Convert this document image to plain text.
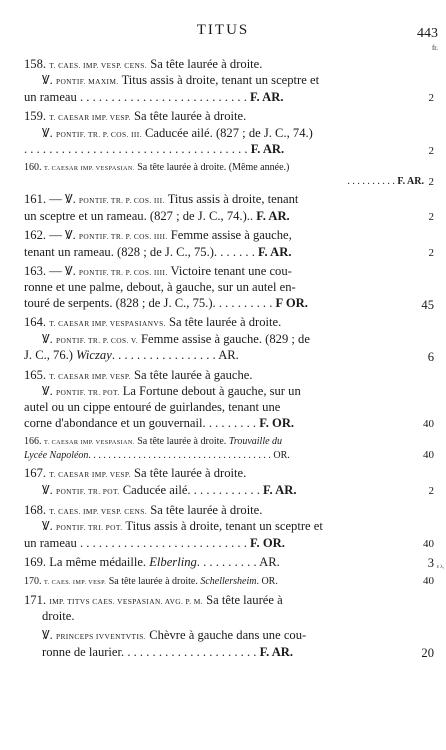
TITUS	443
fr.
ʋ λ,

158. T. CAES. IMP. VESP. CENS. Sa tête laurée à droite.

Ꝟ. PONTIF. MAXIM. Titus assis à droite, tenant un sceptre et

un rameau . . . . . . . . . . . . . . . . . . . . . . . . . . . F. AR.	2

159. T. CAESAR IMP. VESP. Sa tête laurée à droite.

Ꝟ. PONTIF. TR. P. COS. III. Caducée ailé. (827 ; de J. C., 74.)

. . . . . . . . . . . . . . . . . . . . . . . . . . . . . . . . . . . . F. AR.	2

160. T. CAESAR IMP. VESPASIAN. Sa tête laurée à droite. (Même année.)

. . . . . . . . . . F. AR. 2

161. — Ꝟ. PONTIF. TR. P. COS. III. Titus assis à droite, tenant

un sceptre et un rameau. (827 ; de J. C., 74.).. F. AR.	2

162. — Ꝟ. PONTIF. TR. P. COS. IIII. Femme assise à gauche,

tenant un rameau. (828 ; de J. C., 75.). . . . . . . F. AR.	2

163. — Ꝟ. PONTIF. TR. P. COS. IIII. Victoire tenant une cou-

ronne et une palme, debout, à gauche, sur un autel en-

touré de serpents. (828 ; de J. C., 75.). . . . . . . . . . F OR.	45

164. T. CAESAR IMP. VESPASIANVS. Sa tête laurée à droite.

Ꝟ. PONTIF. TR. P. COS. V. Femme assise à gauche. (829 ; de

J. C., 76.) Wiczay. . . . . . . . . . . . . . . . . AR.	6

165. T. CAESAR IMP. VESP. Sa tête laurée à gauche.

Ꝟ. PONTIF. TR. POT. La Fortune debout à gauche, sur un

autel ou un cippe entouré de guirlandes, tenant une

corne d'abondance et un gouvernail. . . . . . . . . F. OR.	40

166. T. CAESAR IMP. VESPASIAN. Sa tête laurée à droite. Trouvaille du

Lycée Napoléon. . . . . . . . . . . . . . . . . . . . . . . . . . . . . . . . . . . . . OR.	40

167. T. CAESAR IMP. VESP. Sa tête laurée à droite.

Ꝟ. PONTIF. TR. POT. Caducée ailé. . . . . . . . . . . . F. AR.	2

168. T. CAES. IMP. VESP. CENS. Sa tête laurée à droite.

Ꝟ. PONTIF. TRI. POT. Titus assis à droite, tenant un sceptre et

un rameau . . . . . . . . . . . . . . . . . . . . . . . . . . . F. OR.	40

169. La même médaille. Elberling. . . . . . . . . . AR.	3

170. T. CAES. IMP. VESP. Sa tête laurée à droite. Schellersheim. OR.	40

171. IMP. TITVS CAES. VESPASIAN. AVG. P. M. Sa tête laurée à

droite.

Ꝟ. PRINCEPS IVVENTVTIS. Chèvre à gauche dans une cou-

ronne de laurier. . . . . . . . . . . . . . . . . . . . . . F. AR.	20
